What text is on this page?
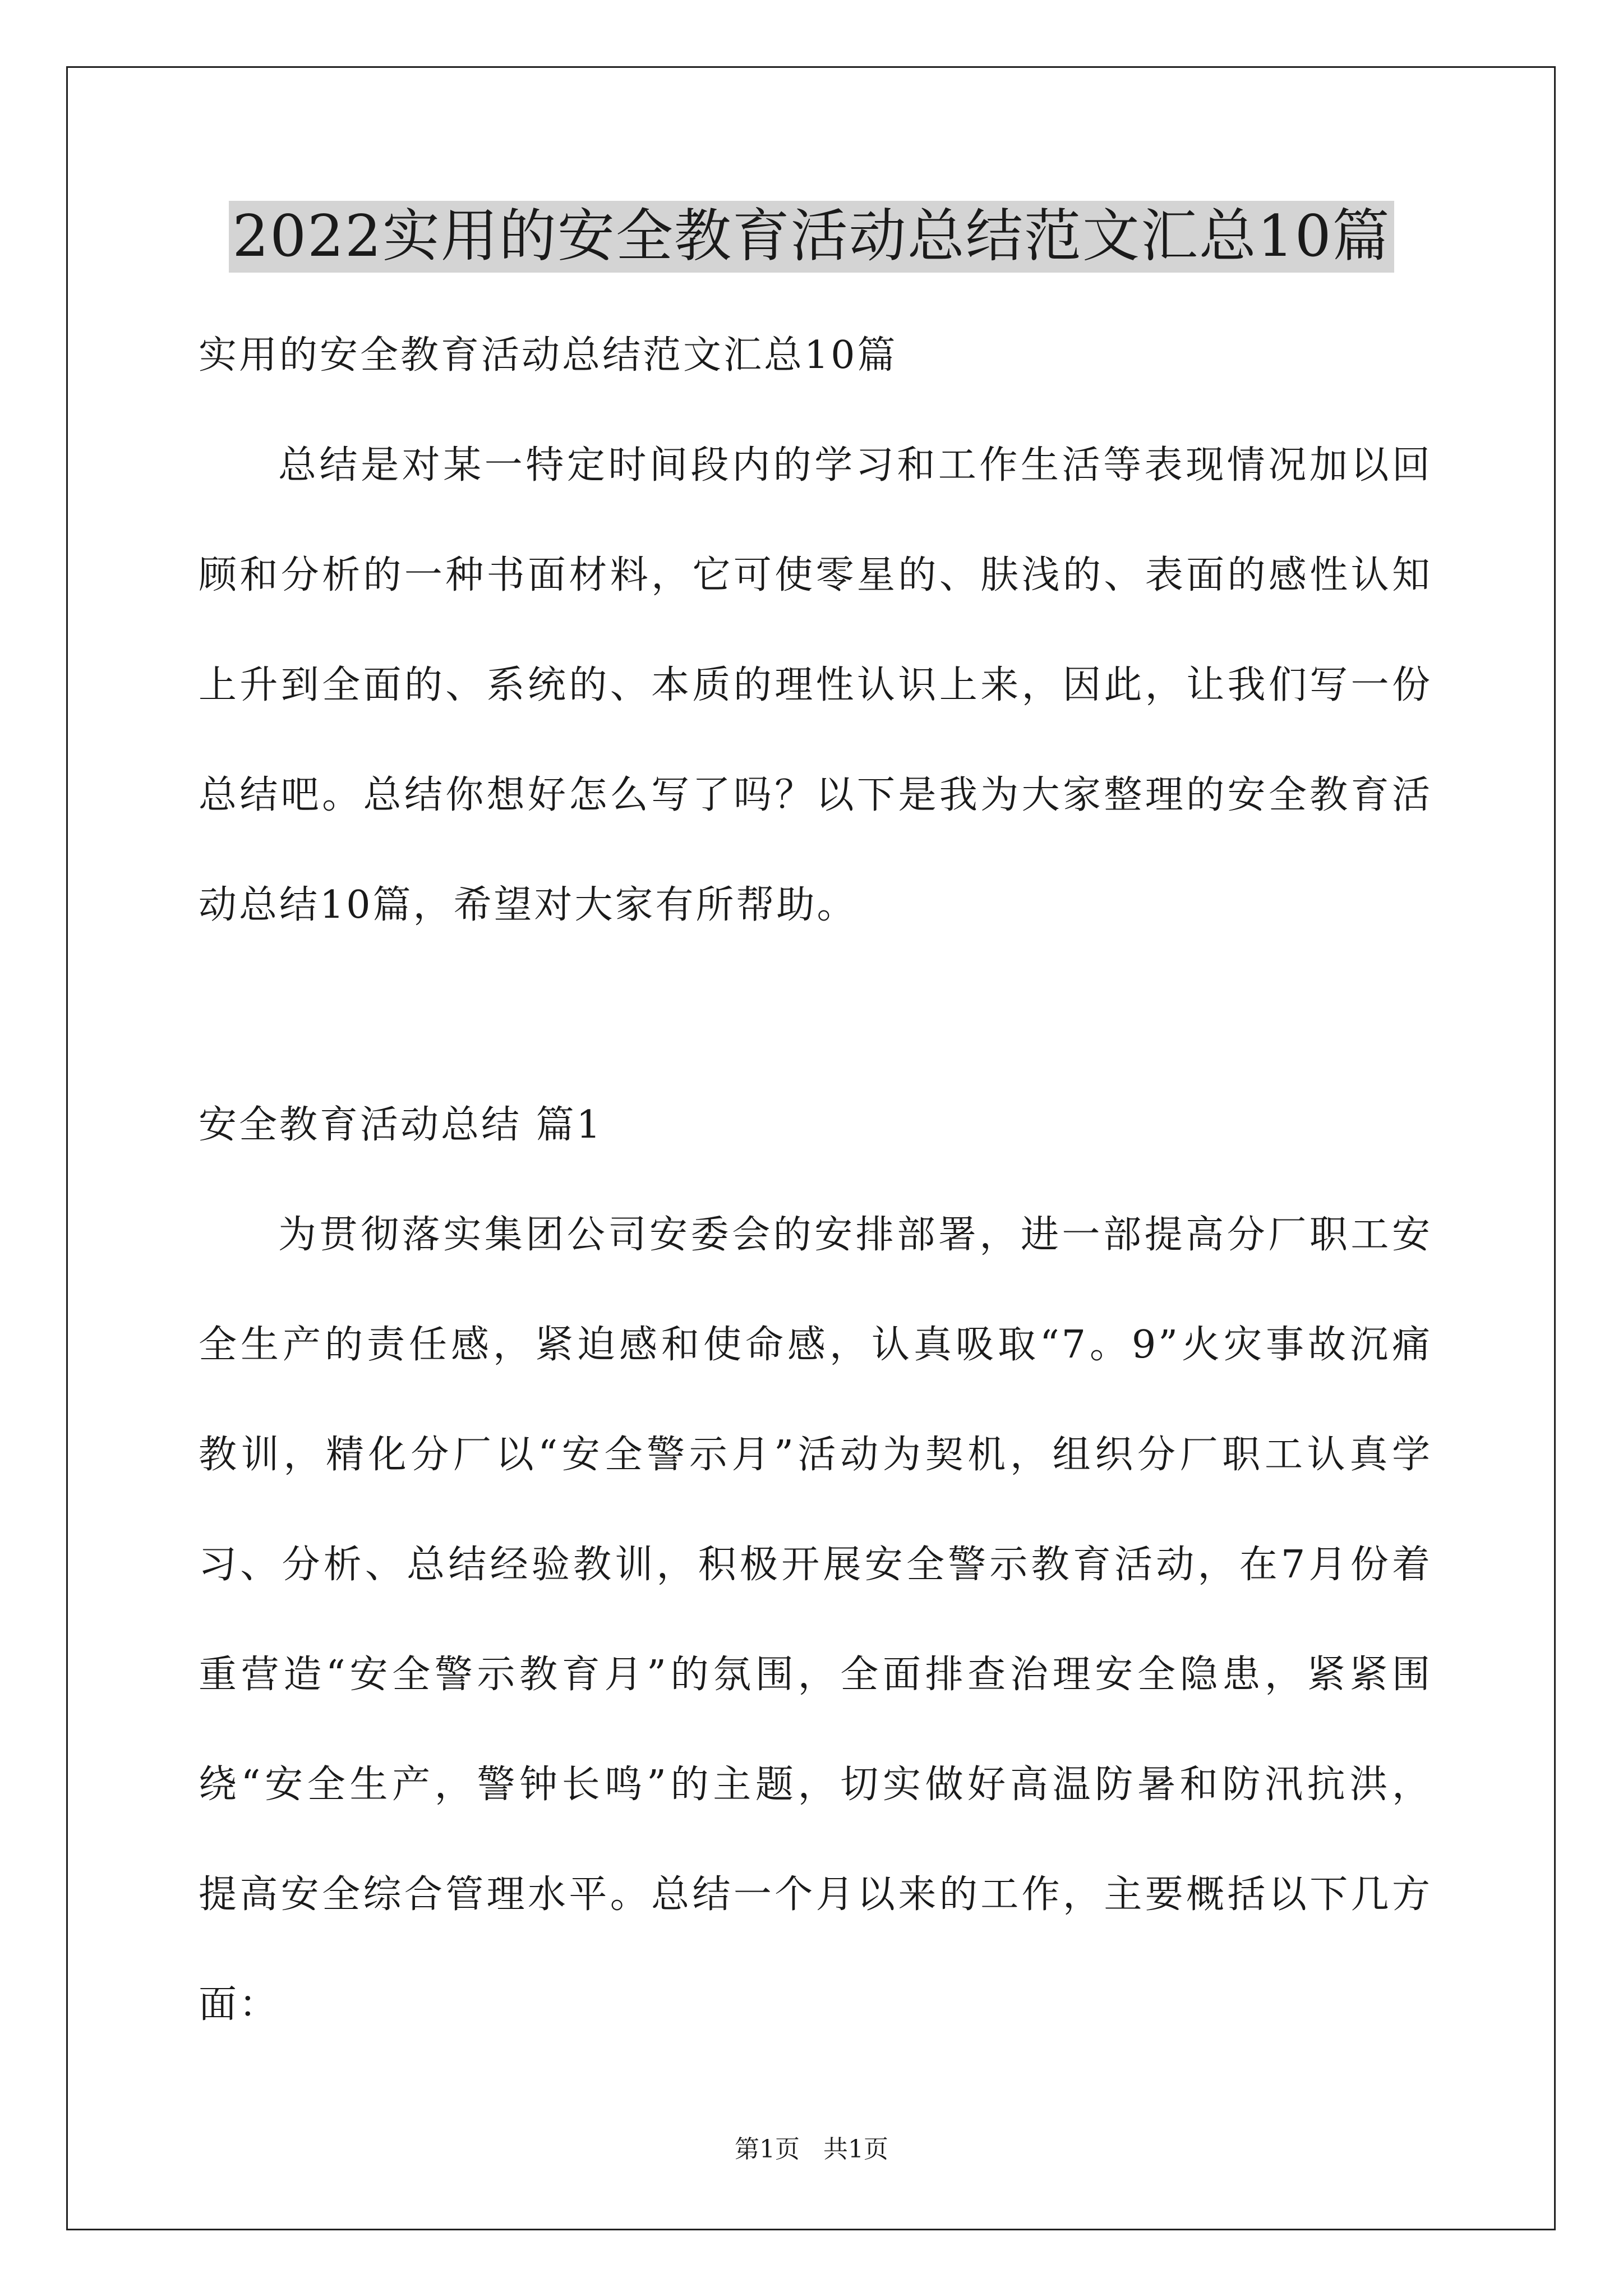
2022实用的安全教育活动总结范文汇总10篇
实用的安全教育活动总结范文汇总10篇
总结是对某一特定时间段内的学习和工作生活等表现情况加以回
顾和分析的一种书面材料，它可使零星的、肤浅的、表面的感性认知
上升到全面的、系统的、本质的理性认识上来，因此，让我们写一份
总结吧。总结你想好怎么写了吗？以下是我为大家整理的安全教育活
动总结10篇，希望对大家有所帮助。
安全教育活动总结 篇1
为贯彻落实集团公司安委会的安排部署，进一部提高分厂职工安
全生产的责任感，紧迫感和使命感，认真吸取“7。9”火灾事故沉痛
教训，精化分厂以“安全警示月”活动为契机，组织分厂职工认真学
习、分析、总结经验教训，积极开展安全警示教育活动，在7月份着
重营造“安全警示教育月”的氛围，全面排查治理安全隐患，紧紧围
绕“安全生产，警钟长鸣”的主题，切实做好高温防暑和防汛抗洪，
提高安全综合管理水平。总结一个月以来的工作，主要概括以下几方
面：
第1页   共1页
